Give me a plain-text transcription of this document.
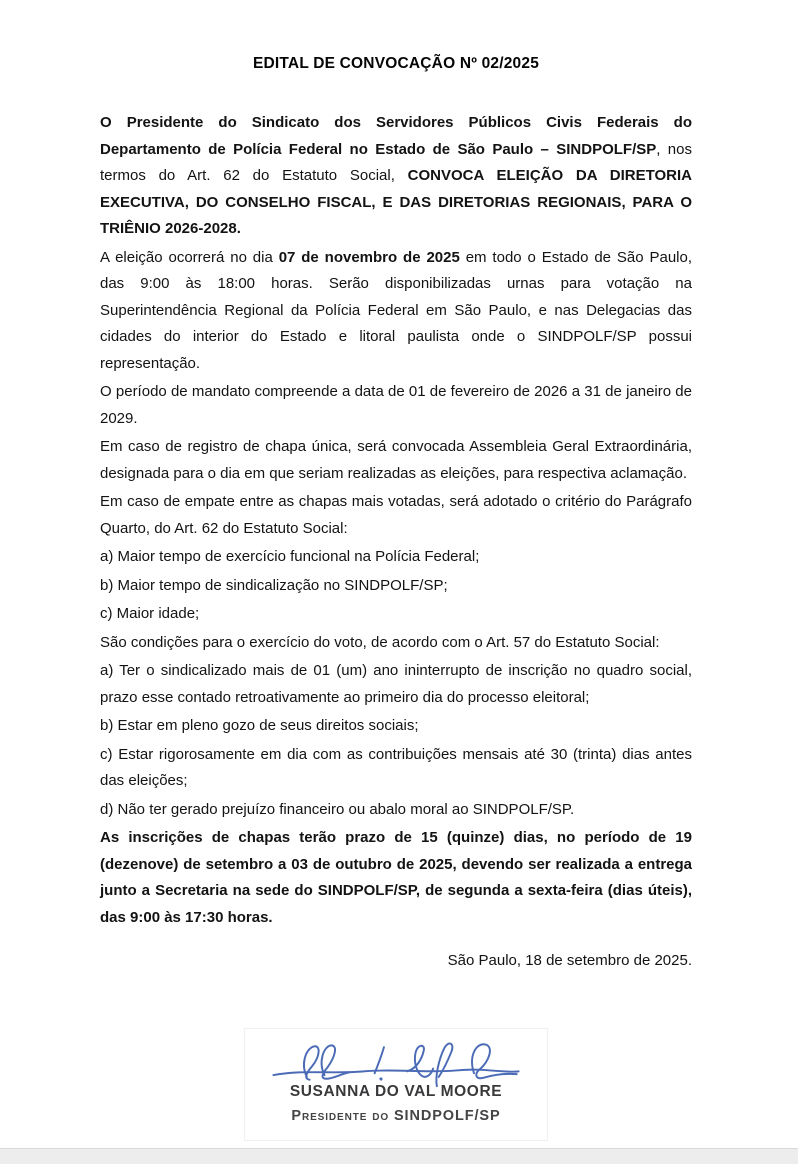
EDITAL DE CONVOCAÇÃO Nº 02/2025

O Presidente do Sindicato dos Servidores Públicos Civis Federais do Departamento de Polícia Federal no Estado de São Paulo – SINDPOLF/SP, nos termos do Art. 62 do Estatuto Social, CONVOCA ELEIÇÃO DA DIRETORIA EXECUTIVA, DO CONSELHO FISCAL, E DAS DIRETORIAS REGIONAIS, PARA O TRIÊNIO 2026-2028.

A eleição ocorrerá no dia 07 de novembro de 2025 em todo o Estado de São Paulo, das 9:00 às 18:00 horas. Serão disponibilizadas urnas para votação na Superintendência Regional da Polícia Federal em São Paulo, e nas Delegacias das cidades do interior do Estado e litoral paulista onde o SINDPOLF/SP possui representação.

O período de mandato compreende a data de 01 de fevereiro de 2026 a 31 de janeiro de 2029.

Em caso de registro de chapa única, será convocada Assembleia Geral Extraordinária, designada para o dia em que seriam realizadas as eleições, para respectiva aclamação.

Em caso de empate entre as chapas mais votadas, será adotado o critério do Parágrafo Quarto, do Art. 62 do Estatuto Social:

a) Maior tempo de exercício funcional na Polícia Federal;

b) Maior tempo de sindicalização no SINDPOLF/SP;

c) Maior idade;

São condições para o exercício do voto, de acordo com o Art. 57 do Estatuto Social:

a) Ter o sindicalizado mais de 01 (um) ano ininterrupto de inscrição no quadro social, prazo esse contado retroativamente ao primeiro dia do processo eleitoral;

b) Estar em pleno gozo de seus direitos sociais;

c) Estar rigorosamente em dia com as contribuições mensais até 30 (trinta) dias antes das eleições;

d) Não ter gerado prejuízo financeiro ou abalo moral ao SINDPOLF/SP.

As inscrições de chapas terão prazo de 15 (quinze) dias, no período de 19 (dezenove) de setembro a 03 de outubro de 2025, devendo ser realizada a entrega junto a Secretaria na sede do SINDPOLF/SP, de segunda a sexta-feira (dias úteis), das 9:00 às 17:30 horas.

São Paulo, 18 de setembro de 2025.

SUSANNA DO VAL MOORE
Presidente do SINDPOLF/SP
